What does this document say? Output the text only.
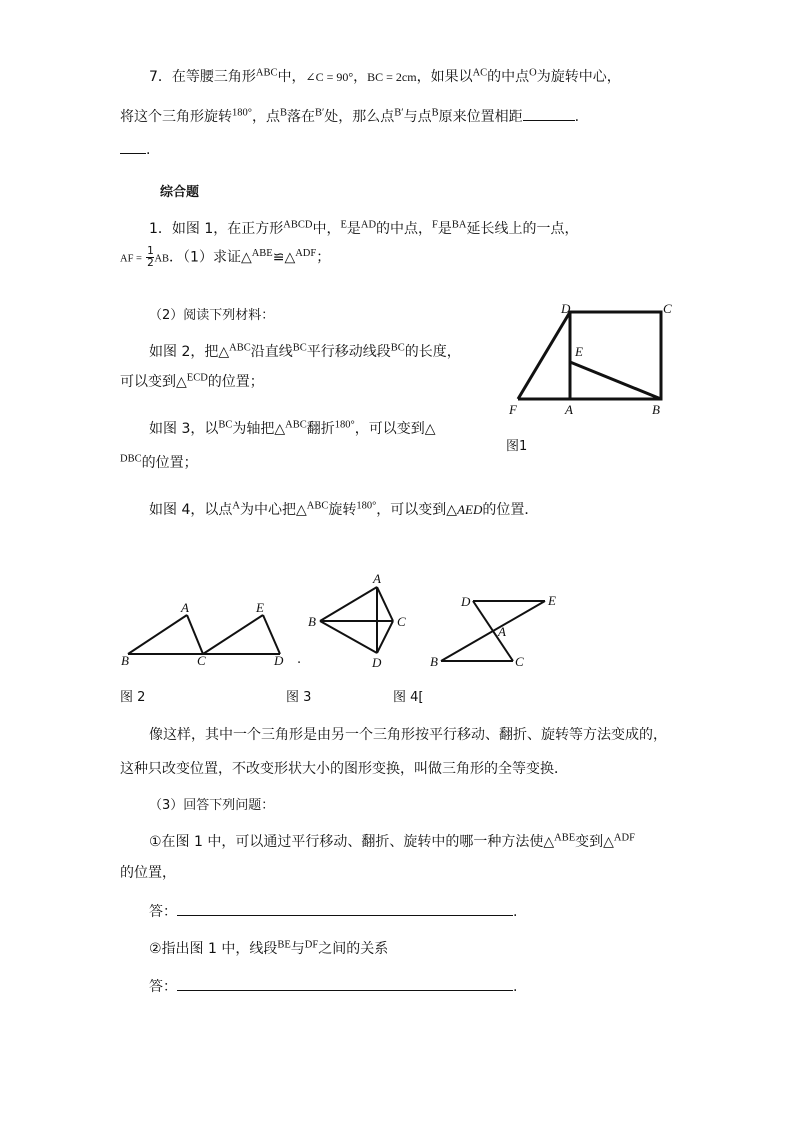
7．在等腰三角形$^{ABC}$中，∠C = 90°，BC = 2cm，如果以$^{AC}$的中点$^O$为旋转中心，
将这个三角形旋转$^{180^\circ}$，点$^B$落在$^{B'}$处，那么点$^{B'}$与点$^B$原来位置相距	.
.
综合题
1．如图 1，在正方形$^{ABCD}$中，$^E$是$^{AD}$的中点，$^F$是$^{BA}$延长线上的一点，
AF = $\frac{1}{2}$ AB．（1）求证△$^{ABE}$≌△$^{ADF}$；
（2）阅读下列材料：
如图 2，把△$^{ABC}$沿直线$^{BC}$平行移动线段$^{BC}$的长度，
可以变到△$^{ECD}$的位置；
如图 3，以$^{BC}$为轴把△$^{ABC}$翻折$^{180^\circ}$，可以变到△
$^{DBC}$的位置；
如图 4，以点$^A$为中心把△$^{ABC}$旋转$^{180^\circ}$，可以变到△AED的位置．
D	C
E
F	A	B
图1
A	E
B	C	D .
图 2
A
B	C
D
图 3
D	E
A
B	C
图 4[
像这样，其中一个三角形是由另一个三角形按平行移动、翻折、旋转等方法变成的，
这种只改变位置，不改变形状大小的图形变换，叫做三角形的全等变换．
（3）回答下列问题：
①在图 1 中，可以通过平行移动、翻折、旋转中的哪一种方法使△$^{ABE}$变到△$^{ADF}$
的位置，
答：	.
②指出图 1 中，线段$^{BE}$与$^{DF}$之间的关系
答：	.
